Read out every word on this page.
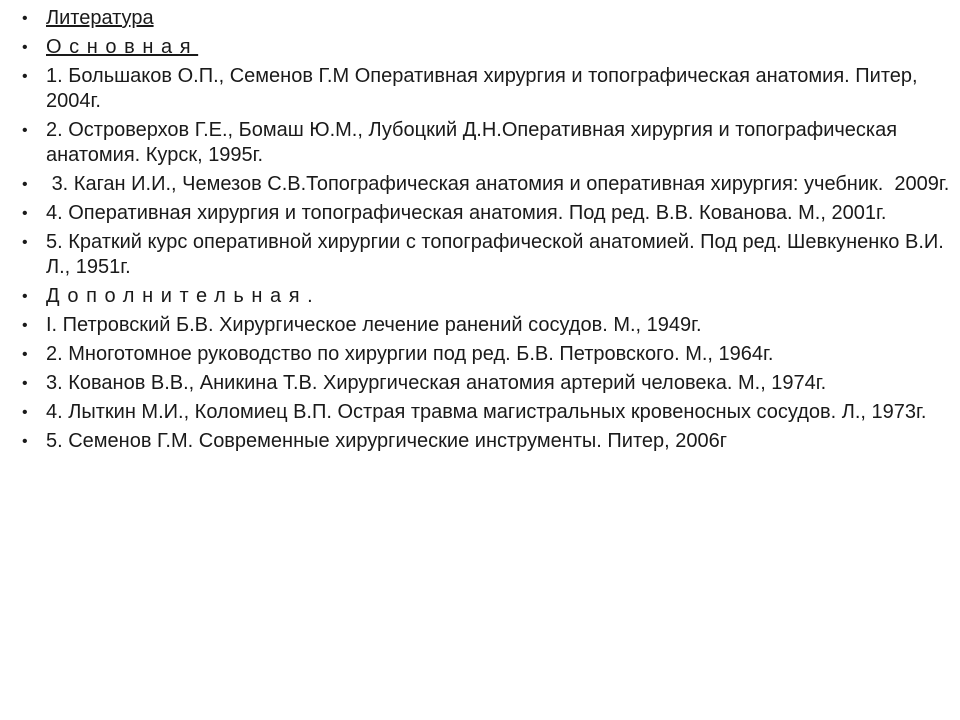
• Литература
• Основная
• 1. Большаков О.П., Семенов Г.М Оперативная хирургия и топографическая анатомия. Питер, 2004г.
• 2. Островерхов Г.Е., Бомаш Ю.М., Лубоцкий Д.Н.Оперативная хирургия и топографическая анатомия. Курск, 1995г.
• 3. Каган И.И., Чемезов С.В.Топографическая анатомия и оперативная хирургия: учебник.  2009г.
• 4. Оперативная хирургия и топографическая анатомия. Под ред. В.В. Кованова. М., 2001г.
• 5. Краткий курс оперативной хирургии с топографической анатомией. Под ред. Шевкуненко В.И. Л., 1951г.
• Дополнительная.
• I. Петровский Б.В. Хирургическое лечение ранений сосудов. М., 1949г.
• 2. Многотомное руководство по хирургии под ред. Б.В. Петровского. М., 1964г.
• 3. Кованов В.В., Аникина Т.В. Хирургическая анатомия артерий человека. М., 1974г.
• 4. Лыткин М.И., Коломиец В.П. Острая травма магистральных кровеносных сосудов. Л., 1973г.
• 5. Семенов Г.М. Современные хирургические инструменты. Питер, 2006г
